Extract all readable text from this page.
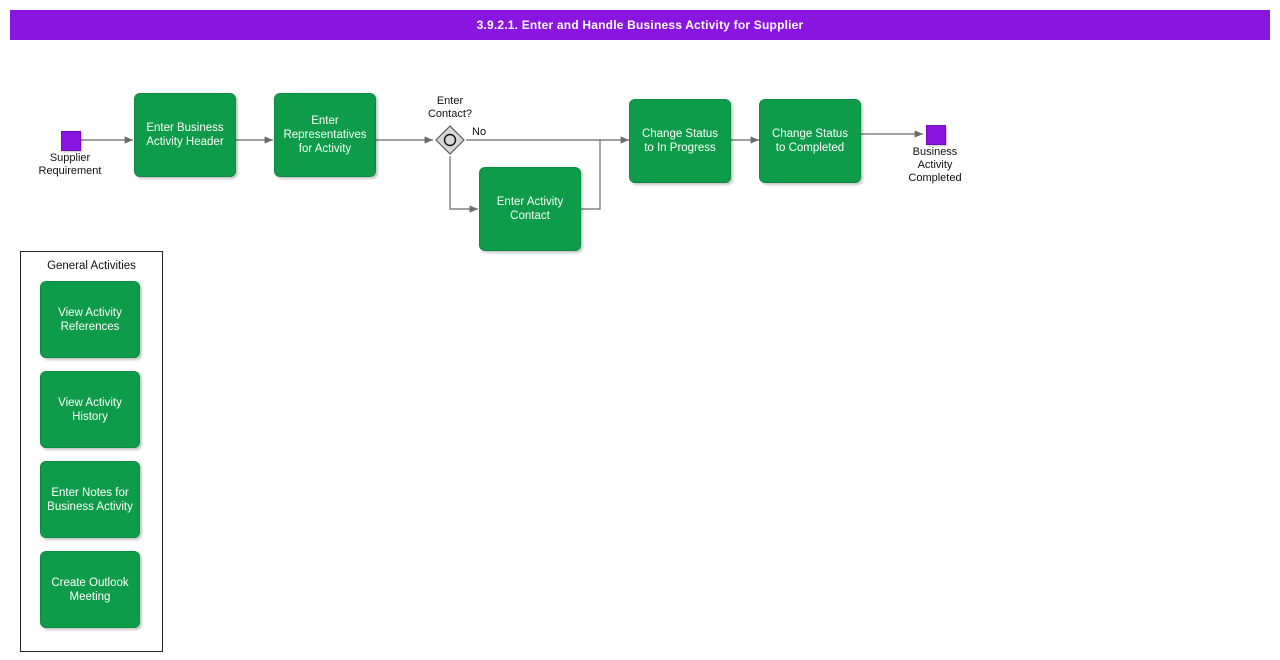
3.9.2.1. Enter and Handle Business Activity for Supplier
Supplier
Requirement
Enter Business
Activity Header
Enter
Representatives
for Activity
Enter
Contact?
No
Enter Activity
Contact
Change Status
to In Progress
Change Status
to Completed	Business
Activity
Completed
General Activities
View Activity
References
View Activity
History
Enter Notes for
Business Activity
Create Outlook
Meeting
